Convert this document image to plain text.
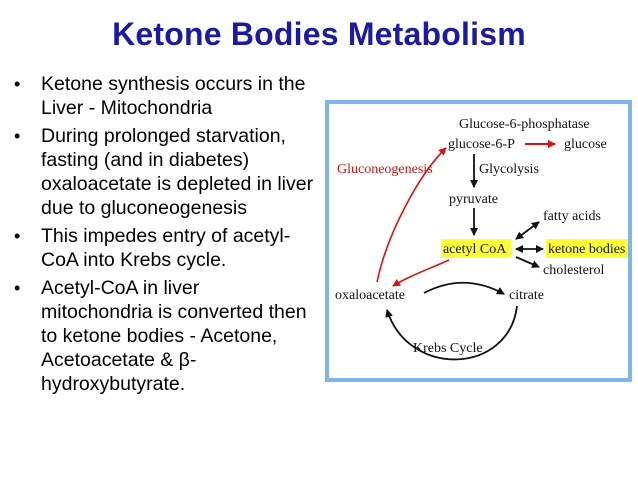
Ketone Bodies Metabolism
• Ketone synthesis occurs in the Liver - Mitochondria
• During prolonged starvation, fasting (and in diabetes) oxaloacetate is depleted in liver due to gluconeogenesis
• This impedes entry of acetyl-CoA into Krebs cycle.
• Acetyl-CoA in liver mitochondria is converted then to ketone bodies - Acetone, Acetoacetate & β-hydroxybutyrate.
Glucose-6-phosphatase
glucose-6-P	glucose
Gluconeogenesis	Glycolysis
pyruvate
fatty acids
acetyl CoA	ketone bodies
cholesterol
oxaloacetate	citrate
Krebs Cycle
